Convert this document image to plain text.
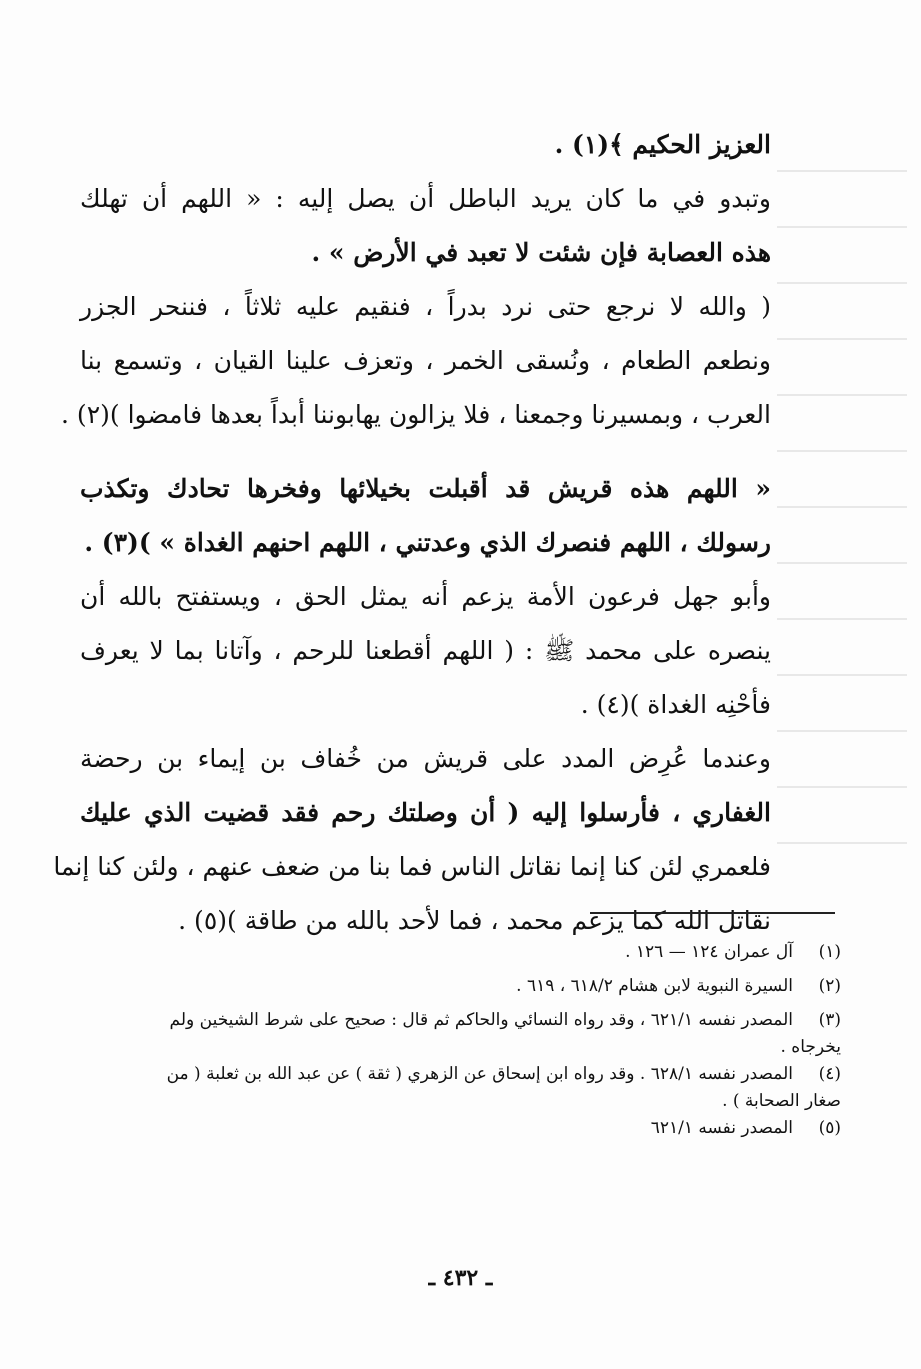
العزيز الحكيم ﴾(١) .
وتبدو في ما كان يريد الباطل أن يصل إليه : « اللهم أن تهلك
هذه العصابة فإن شئت لا تعبد في الأرض » .
( والله لا نرجع حتى نرد بدراً ، فنقيم عليه ثلاثاً ، فننحر الجزر
ونطعم الطعام ، ونُسقى الخمر ، وتعزف علينا القيان ، وتسمع بنا
العرب ، وبمسيرنا وجمعنا ، فلا يزالون يهابوننا أبداً بعدها فامضوا )(٢) .
« اللهم هذه قريش قد أقبلت بخيلائها وفخرها تحادك وتكذب
رسولك ، اللهم فنصرك الذي وعدتني ، اللهم احنهم الغداة » )(٣) .
وأبو جهل فرعون الأمة يزعم أنه يمثل الحق ، ويستفتح بالله أن
ينصره على محمد ﷺ : ( اللهم أقطعنا للرحم ، وآتانا بما لا يعرف
فأحْنِه الغداة )(٤) .
وعندما عُرِض المدد على قريش من خُفاف بن إيماء بن رحضة
الغفاري ، فأرسلوا إليه ( أن وصلتك رحم فقد قضيت الذي عليك
فلعمري لئن كنا إنما نقاتل الناس فما بنا من ضعف عنهم ، ولئن كنا إنما
نقاتل الله كما يزعم محمد ، فما لأحد بالله من طاقة )(٥) .
(١)
آل عمران ١٢٤ — ١٢٦ .
(٢)
السيرة النبوية لابن هشام ٦١٨/٢ ، ٦١٩ .
(٣)
المصدر نفسه ٦٢١/١ ، وقد رواه النسائي والحاكم ثم قال : صحيح على شرط الشيخين ولم
يخرجاه .
(٤)
المصدر نفسه ٦٢٨/١ . وقد رواه ابن إسحاق عن الزهري ( ثقة ) عن عبد الله بن ثعلبة ( من
صغار الصحابة ) .
(٥)
المصدر نفسه ٦٢١/١
ـ ٤٣٢ ـ
